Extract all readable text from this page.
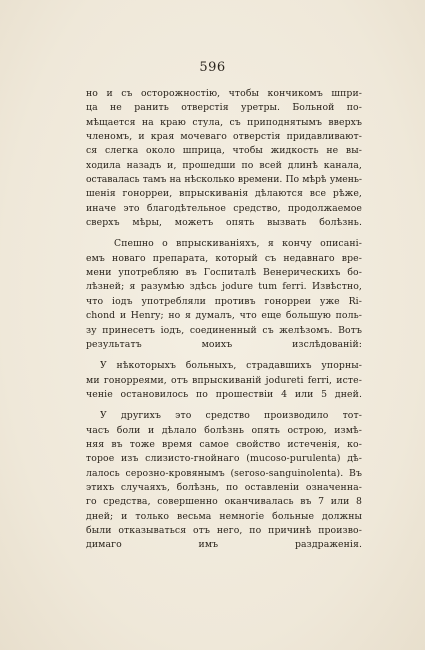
596
но и съ осторожностію, чтобы кончикомъ шпри-
ца не ранить отверстія уретры. Больной по-
мѣщается на краю стула, съ приподнятымъ вверхъ
членомъ, и края мочеваго отверстія придавливают-
ся слегка около шприца, чтобы жидкость не вы-
ходила назадъ и, прошедши по всей длинѣ канала,
оставалась тамъ на нѣсколько времени. По мѣрѣ умень-
шенія гонорреи, впрыскиванія дѣлаются все рѣже,
иначе это благодѣтельное средство, продолжаемое
сверхъ мѣры, можетъ опять вызвать болѣзнь.
Спешно о впрыскиваніяхъ, я кончу описані-
емъ новаго препарата, который съ недавнаго вре-
мени употребляю въ Госпиталѣ Венерическихъ бо-
лѣзней; я разумѣю здѣсь jodure tum ferri. Извѣстно,
что іодъ употребляли противъ гонорреи уже Ri-
chond и Henry; но я думалъ, что еще большую поль-
зу принесетъ іодъ, соединенный съ желѣзомъ. Вотъ
результатъ моихъ изслѣдованій:
У нѣкоторыхъ больныхъ, страдавшихъ упорны-
ми гонорреями, отъ впрыскиваній jodureti ferri, исте-
ченіе остановилось по прошествіи 4 или 5 дней.
У другихъ это средство производило тот-
часъ боли и дѣлало болѣзнь опять острою, измѣ-
няя въ тоже время самое свойство истеченія, ко-
торое изъ слизисто-гнойнаго (mucoso-purulenta) дѣ-
лалось серозно-кровянымъ (seroso-sanguinolenta). Въ
этихъ случаяхъ, болѣзнь, по оставленіи означенна-
го средства, совершенно оканчивалась въ 7 или 8
дней; и только весьма немногіе больные должны
были отказываться отъ него, по причинѣ произво-
димаго имъ раздраженія.
